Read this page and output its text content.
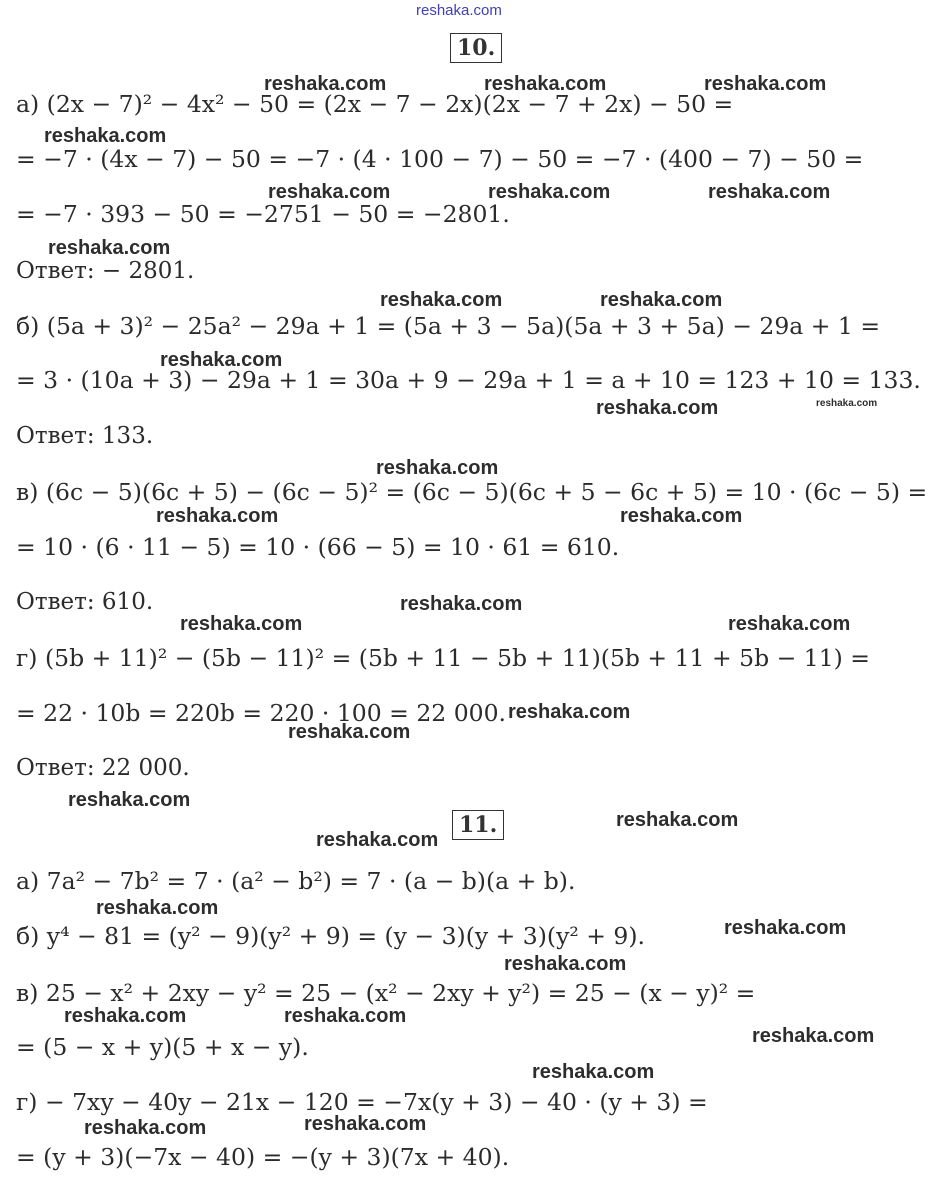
reshaka.com
reshaka.com	reshaka.com	reshaka.com
reshaka.com
reshaka.com	reshaka.com	reshaka.com
reshaka.com
reshaka.com	reshaka.com
reshaka.com
reshaka.com	reshaka.com
reshaka.com
reshaka.com	reshaka.com
reshaka.com
reshaka.com	reshaka.com
reshaka.com
reshaka.com
reshaka.com
reshaka.com
reshaka.com
reshaka.com
reshaka.com
reshaka.com
reshaka.com	reshaka.com
reshaka.com
reshaka.com
reshaka.com	reshaka.com
10.
а) (2x − 7)² − 4x² − 50 = (2x − 7 − 2x)(2x − 7 + 2x) − 50 =
= −7 · (4x − 7) − 50 = −7 · (4 · 100 − 7) − 50 = −7 · (400 − 7) − 50 =
= −7 · 393 − 50 = −2751 − 50 = −2801.
Ответ: − 2801.
б) (5a + 3)² − 25a² − 29a + 1 = (5a + 3 − 5a)(5a + 3 + 5a) − 29a + 1 =
= 3 · (10a + 3) − 29a + 1 = 30a + 9 − 29a + 1 = a + 10 = 123 + 10 = 133.
Ответ: 133.
в) (6c − 5)(6c + 5) − (6c − 5)² = (6c − 5)(6c + 5 − 6c + 5) = 10 · (6c − 5) =
= 10 · (6 · 11 − 5) = 10 · (66 − 5) = 10 · 61 = 610.
Ответ: 610.
г) (5b + 11)² − (5b − 11)² = (5b + 11 − 5b + 11)(5b + 11 + 5b − 11) =
= 22 · 10b = 220b = 220 · 100 = 22 000.
Ответ: 22 000.
11.
а) 7a² − 7b² = 7 · (a² − b²) = 7 · (a − b)(a + b).
б) y⁴ − 81 = (y² − 9)(y² + 9) = (y − 3)(y + 3)(y² + 9).
в) 25 − x² + 2xy − y² = 25 − (x² − 2xy + y²) = 25 − (x − y)² =
= (5 − x + y)(5 + x − y).
г) − 7xy − 40y − 21x − 120 = −7x(y + 3) − 40 · (y + 3) =
= (y + 3)(−7x − 40) = −(y + 3)(7x + 40).
